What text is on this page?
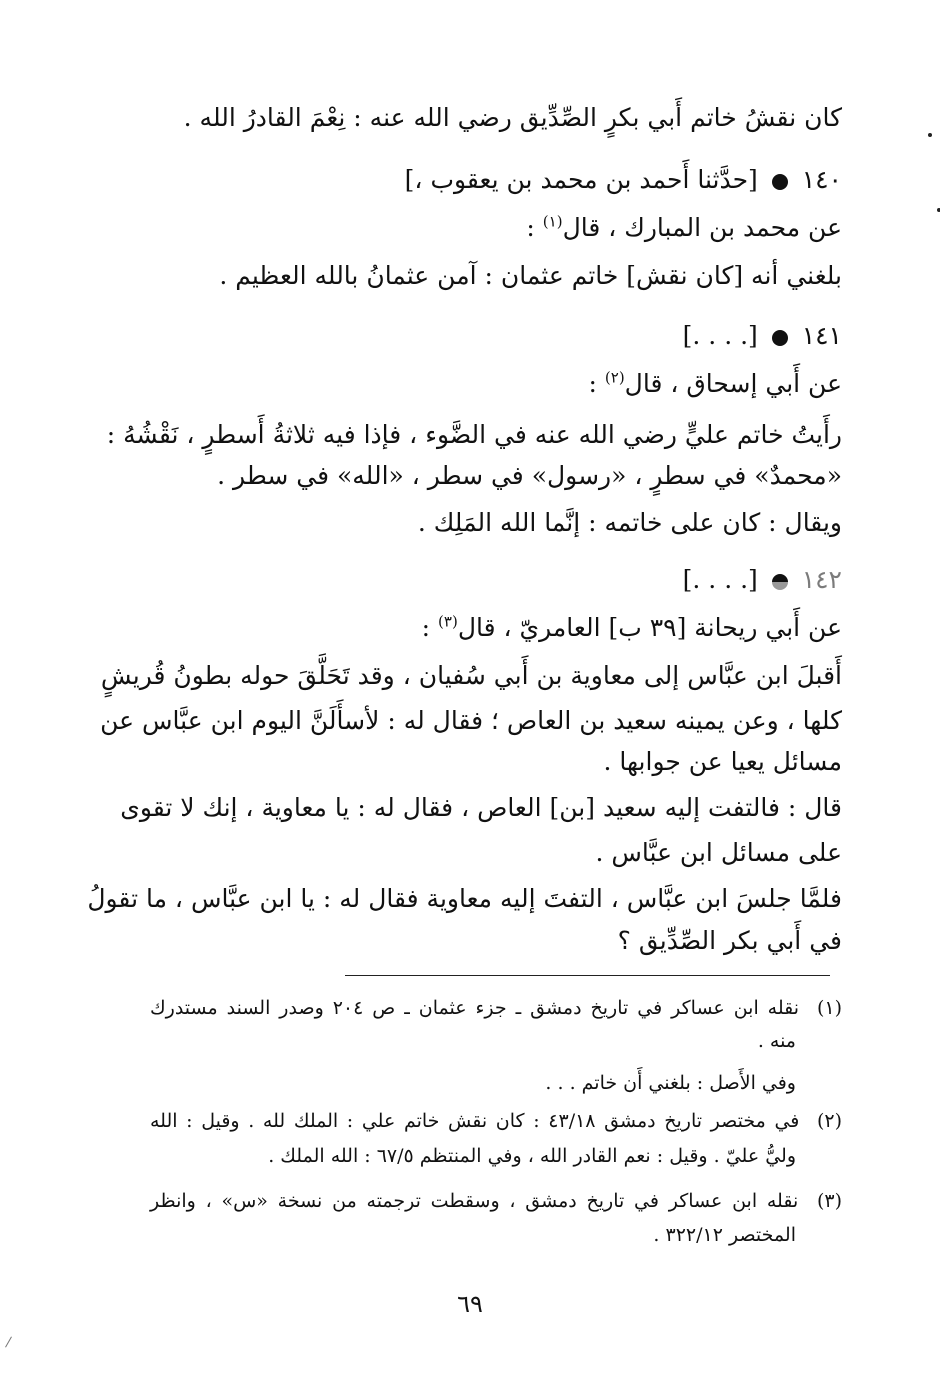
كان نقشُ خاتم أَبي بكرٍ الصِّدِّيق رضي الله عنه : نِعْمَ القادرُ الله .
١٤٠  [حدَّثنا أَحمد بن محمد بن يعقوب ،]
عن محمد بن المبارك ، قال$^{(١)}$ :
بلغني أنه [كان نقش] خاتم عثمان : آمن عثمانُ بالله العظيم .
١٤١  [. . . .]
عن أَبي إسحاق ، قال$^{(٢)}$ :
رأَيتُ خاتم عليٍّ رضي الله عنه في الضَّوء ، فإذا فيه ثلاثةُ أَسطرٍ ، نَقْشُهُ :
«محمدٌ» في سطرٍ ، «رسول» في سطر ، «الله» في سطر .
ويقال : كان على خاتمه : إنَّما الله المَلِك .
١٤٢  [. . . .]
عن أَبي ريحانة [٣٩ ب] العامريّ ، قال$^{(٣)}$ :
أَقبلَ ابن عبَّاس إلى معاوية بن أَبي سُفيان ، وقد تَحَلَّقَ حوله بطونُ قُريشٍ
كلها ، وعن يمينه سعيد بن العاص ؛ فقال له : لأسأَلَنَّ اليوم ابن عبَّاس عن
مسائل يعيا عن جوابها .
قال : فالتفت إليه سعيد [بن] العاص ، فقال له : يا معاوية ، إنك لا تقوى
على مسائل ابن عبَّاس .
فلمَّا جلسَ ابن عبَّاس ، التفتَ إليه معاوية فقال له : يا ابن عبَّاس ، ما تقولُ
في أَبي بكر الصِّدِّيق ؟
(١) نقله ابن عساكر في تاريخ دمشق ـ جزء عثمان ـ ص ٢٠٤ وصدر السند مستدرك
منه .
وفي الأَصل : بلغني أَن خاتم . . .
(٢) في مختصر تاريخ دمشق ٤٣/١٨ : كان نقش خاتم علي : الملك لله . وقيل : الله
وليُّ عليّ . وقيل : نعم القادر الله ، وفي المنتظم ٦٧/٥ : الله الملك .
(٣) نقله ابن عساكر في تاريخ دمشق ، وسقطت ترجمته من نسخة «س» ، وانظر
المختصر ٣٢٢/١٢ .
٦٩
